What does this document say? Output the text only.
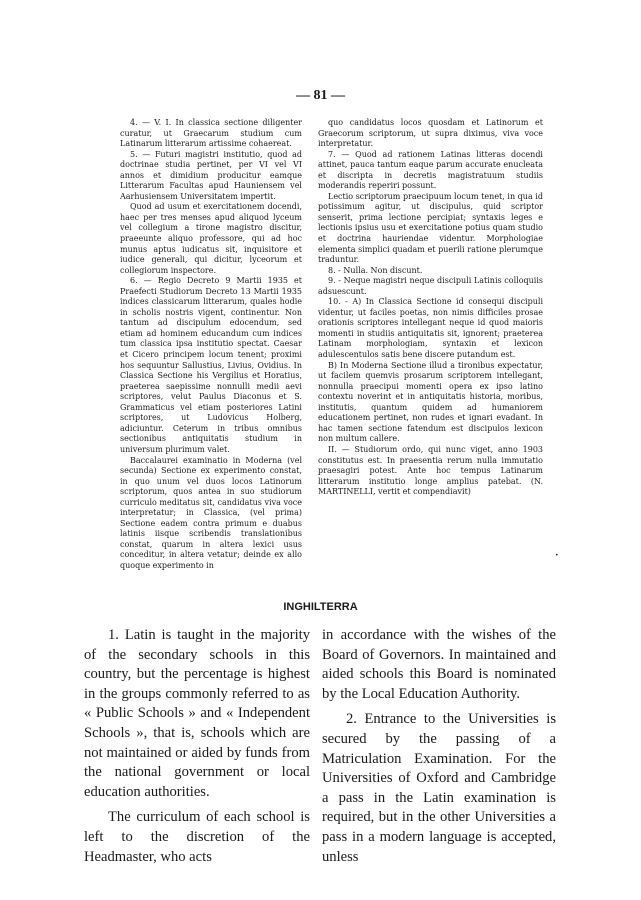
— 81 —

4. — V. I. In classica sectione diligenter curatur, ut Graecarum studium cum Latinarum litterarum artissime cohaereat.

5. — Futuri magistri institutio, quod ad doctrinae studia pertinet, per VI vel VI annos et dimidium producitur eamque Litterarum Facultas apud Hauniensem vel Aarhusiensem Universitatem impertit.

Quod ad usum et exercitationem docendi, haec per tres menses apud aliquod lyceum vel collegium a tirone magistro discitur, praeeunte aliquo professore, qui ad hoc munus aptus iudicatus sit, inquisitore et iudice generali, qui dicitur, lyceorum et collegiorum inspectore.

6. — Regio Decreto 9 Martii 1935 et Praefecti Studiorum Decreto 13 Martii 1935 indices classicarum litterarum, quales hodie in scholis nostris vigent, continentur. Non tantum ad discipulum edocendum, sed etiam ad hominem educandum cum indices tum classica ipsa institutio spectat. Caesar et Cicero principem locum tenent; proximi hos sequuntur Sallustius, Livius, Ovidius. In Classica Sectione his Vergilius et Horatius, praeterea saepissime nonnulli medii aevi scriptores, velut Paulus Diaconus et S. Grammaticus vel etiam posteriores Latini scriptores, ut Ludovicus Holberg, adiciuntur. Ceterum in tribus omnibus sectionibus antiquitatis studium in universum plurimum valet.

Baccalaurei examinatio in Moderna (vel secunda) Sectione ex experimento constat, in quo unum vel duos locos Latinorum scriptorum, quos antea in suo studiorum curriculo meditatus sit, candidatus viva voce interpretatur; in Classica, (vel prima) Sectione eadem contra primum e duabus latinis iisque scribendis translationibus constat, quarum in altera lexici usus conceditur, in altera vetatur; deinde ex allo quoque experimento in

quo candidatus locos quosdam et Latinorum et Graecorum scriptorum, ut supra diximus, viva voce interpretatur.

7. — Quod ad rationem Latinas litteras docendi attinet, pauca tantum eaque parum accurate enucleata et discripta in decretis magistratuum studiis moderandis reperiri possunt.

Lectio scriptorum praecipuum locum tenet, in qua id potissimum agitur, ut discipulus, quid scriptor senserit, prima lectione percipiat; syntaxis leges e lectionis ipsius usu et exercitatione potius quam studio et doctrina hauriendae videntur. Morphologiae elementa simplici quadam et puerili ratione plerumque traduntur.

8. - Nulla. Non discunt.

9. - Neque magistri neque discipuli Latinis colloquiis adsuescunt.

10. - A) In Classica Sectione id consequi discipuli videntur, ut faciles poetas, non nimis difficiles prosae orationis scriptores intellegant neque id quod maioris momenti in studiis antiquitatis sit, ignorent; praeterea Latinam morphologiam, syntaxin et lexicon adulescentulos satis bene discere putandum est.

B) In Moderna Sectione illud a tironibus expectatur, ut facilem quemvis prosarum scriptorem intellegant, nonnulla praecipui momenti opera ex ipso latino contextu noverint et in antiquitatis historia, moribus, institutis, quantum quidem ad humaniorem educationem pertinet, non rudes et ignari evadant. In hac tamen sectione fatendum est discipulos lexicon non multum callere.

II. — Studiorum ordo, qui nunc viget, anno 1903 constitutus est. In praesentia rerum nulla immutatio praesagiri potest. Ante hoc tempus Latinarum litterarum institutio longe amplius patebat. (N. MARTINELLI, vertit et compendiavit)

•
INGHILTERRA

1. Latin is taught in the majority of the secondary schools in this country, but the percentage is highest in the groups commonly referred to as « Public Schools » and « Independent Schools », that is, schools which are not maintained or aided by funds from the national government or local education authorities.

The curriculum of each school is left to the discretion of the Headmaster, who acts

in accordance with the wishes of the Board of Governors. In maintained and aided schools this Board is nominated by the Local Education Authority.

2. Entrance to the Universities is secured by the passing of a Matriculation Examination. For the Universities of Oxford and Cambridge a pass in the Latin examination is required, but in the other Universities a pass in a modern language is accepted, unless
